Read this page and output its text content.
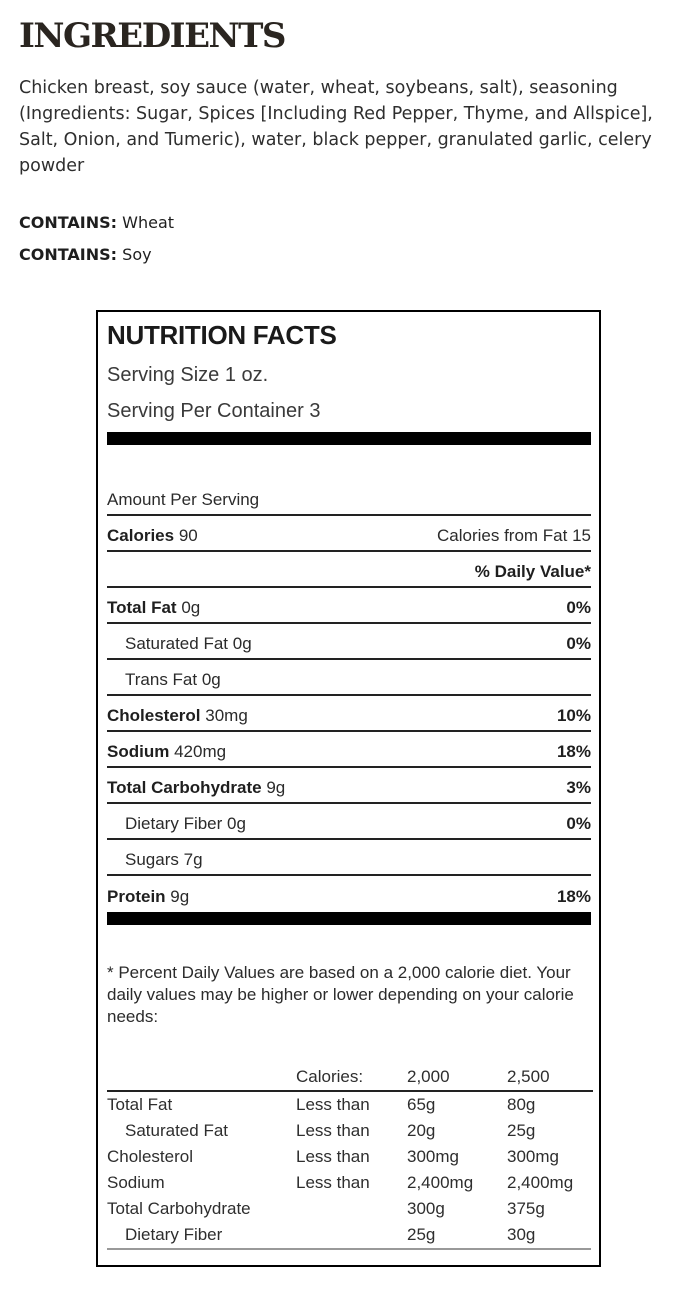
INGREDIENTS

Chicken breast, soy sauce (water, wheat, soybeans, salt), seasoning (Ingredients: Sugar, Spices [Including Red Pepper, Thyme, and Allspice], Salt, Onion, and Tumeric), water, black pepper, granulated garlic, celery powder

CONTAINS: Wheat
CONTAINS: Soy
NUTRITION FACTS
Serving Size 1 oz.
Serving Per Container 3
Amount Per Serving
Calories 90	Calories from Fat 15
% Daily Value*
Total Fat 0g	0%
Saturated Fat 0g	0%
Trans Fat 0g
Cholesterol 30mg	10%
Sodium 420mg	18%
Total Carbohydrate 9g	3%
Dietary Fiber 0g	0%
Sugars 7g
Protein 9g	18%

* Percent Daily Values are based on a 2,000 calorie diet. Your daily values may be higher or lower depending on your calorie needs:

	Calories:	2,000	2,500
Total Fat	Less than	65g	80g
Saturated Fat	Less than	20g	25g
Cholesterol	Less than	300mg	300mg
Sodium	Less than	2,400mg	2,400mg
Total Carbohydrate		300g	375g
Dietary Fiber		25g	30g
